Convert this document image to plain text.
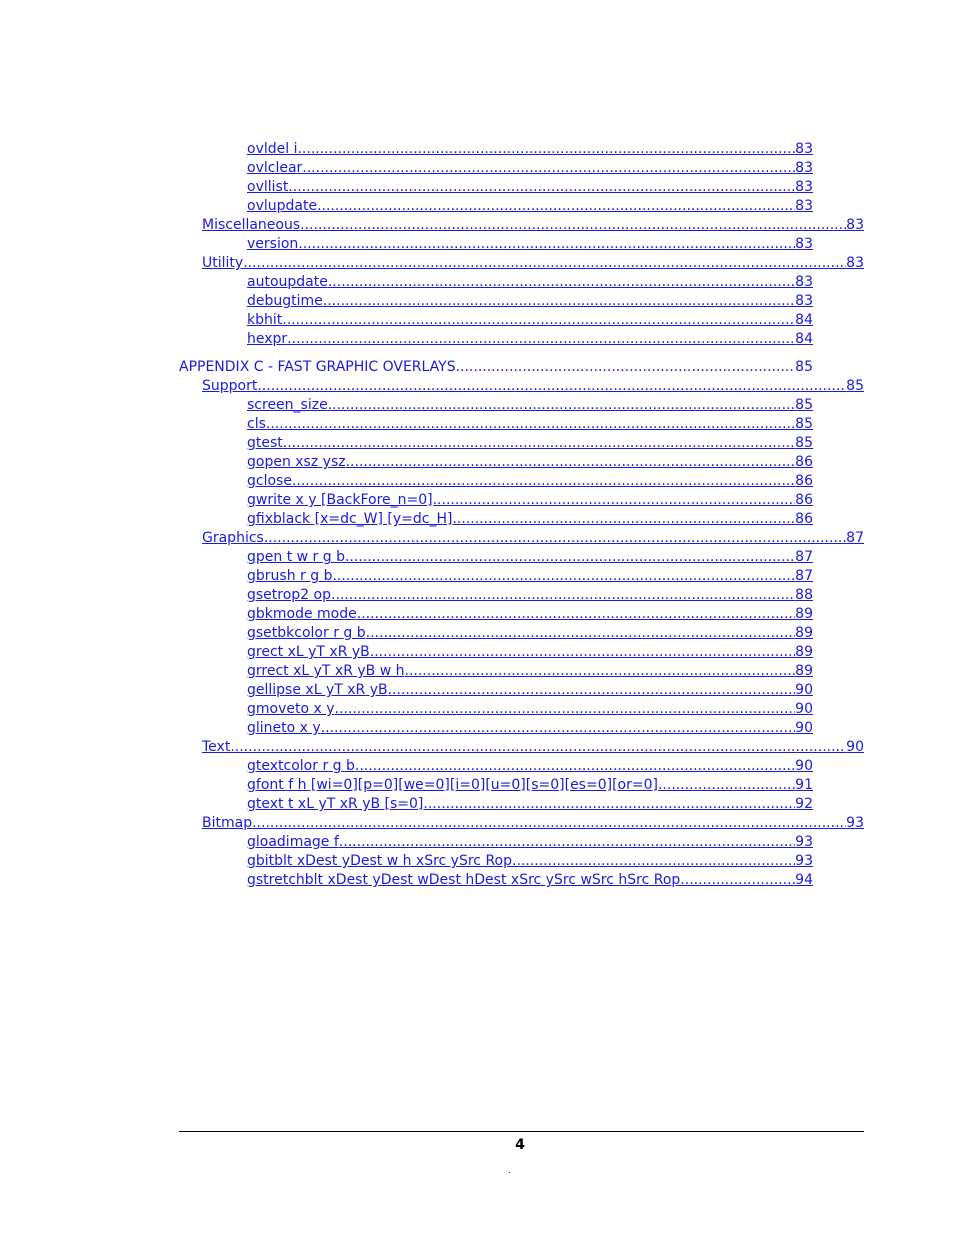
ovldel i .....	83
ovlclear .....	83
ovllist .....	83
ovlupdate .....	83
Miscellaneous .....	83
version .....	83
Utility .....	83
autoupdate .....	83
debugtime .....	83
kbhit .....	84
hexpr .....	84
APPENDIX C - FAST GRAPHIC OVERLAYS .....	85
Support .....	85
screen_size .....	85
cls .....	85
gtest .....	85
gopen xsz ysz .....	86
gclose .....	86
gwrite x y [BackFore_n=0] .....	86
gfixblack [x=dc_W] [y=dc_H] .....	86
Graphics .....	87
gpen t w r g b .....	87
gbrush r g b .....	87
gsetrop2 op .....	88
gbkmode mode .....	89
gsetbkcolor r g b .....	89
grect xL yT xR yB .....	89
grrect xL yT xR yB w h .....	89
gellipse xL yT xR yB .....	90
gmoveto x y .....	90
glineto x y .....	90
Text .....	90
gtextcolor r g b .....	90
gfont f h [wi=0][p=0][we=0][i=0][u=0][s=0][es=0][or=0] .....	91
gtext t xL yT xR yB [s=0] .....	92
Bitmap .....	93
gloadimage f .....	93
gbitblt xDest yDest w h xSrc ySrc Rop .....	93
gstretchblt xDest yDest wDest hDest xSrc ySrc wSrc hSrc Rop .....	94
4
.
